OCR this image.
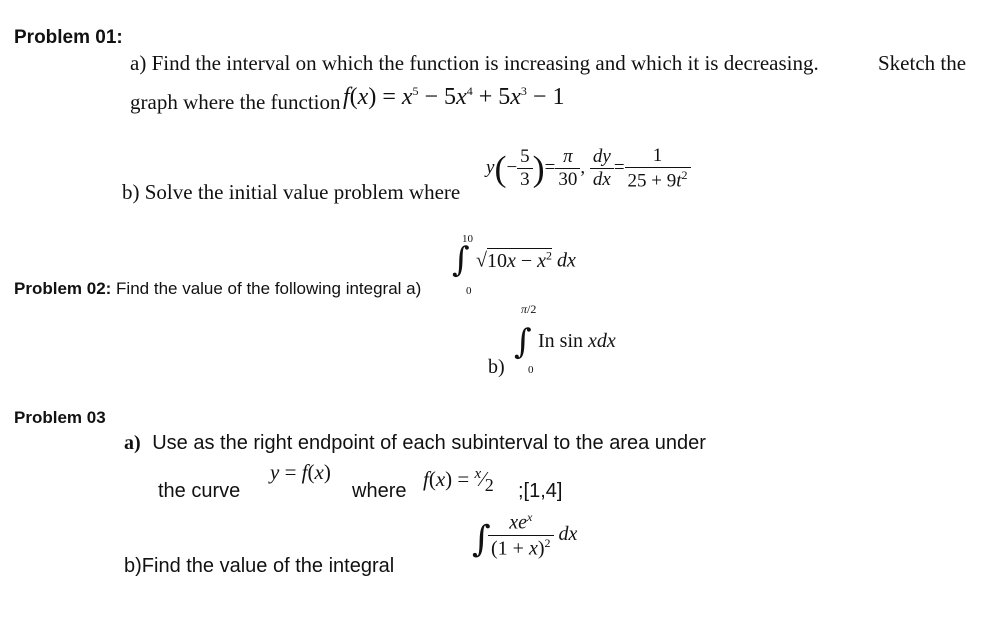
Problem 01:
a) Find the interval on which the function is increasing and which it is decreasing.	Sketch the
graph where the function $f(x) = x^5 - 5x^4 + 5x^3 - 1$
b) Solve the initial value problem where
$y(- \frac{5}{3}$ )= $\frac{\pi}{30}$ , $\frac{dy}{dx} = \frac{1}{25 + 9t^2}$
10
∫ $√10x - x^2$ dx
Problem 02: Find the value of the following integral a)	0
π/2
∫ In sin xdx
b) 0
Problem 03
a) Use as the right endpoint of each subinterval to the area under
the curve
y = f(x)
where $f(x) = ^x⁄_2$ ;[1,4]
b)Find the value of the integral
∫
$\frac{xe^x}{(1 + x)^2}$ dx
